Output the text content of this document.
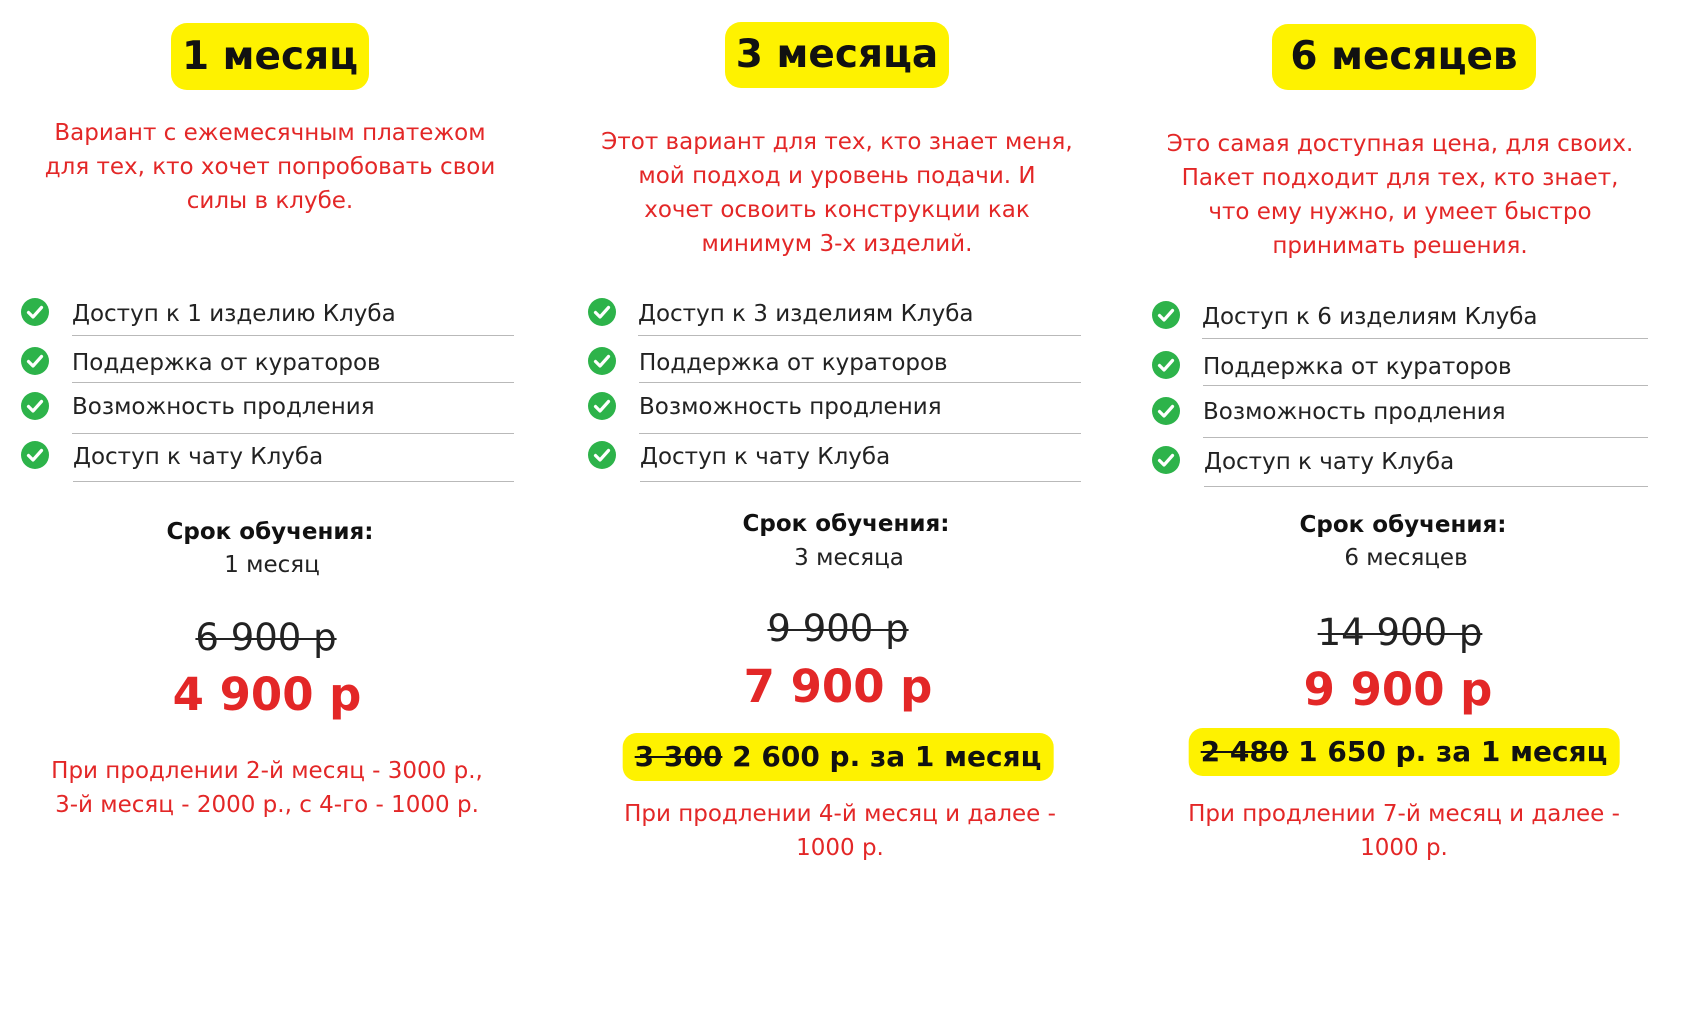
1 месяц
Вариант с ежемесячным платежом
для тех, кто хочет попробовать свои
силы в клубе.
Доступ к 1 изделию Клуба
Поддержка от кураторов
Возможность продления
Доступ к чату Клуба
Срок обучения:
1 месяц
6 900 р
4 900 р
При продлении 2-й месяц - 3000 р.,
3-й месяц - 2000 р., с 4-го - 1000 р.
3 месяца
Этот вариант для тех, кто знает меня,
мой подход и уровень подачи. И
хочет освоить конструкции как
минимум 3-х изделий.
Доступ к 3 изделиям Клуба
Поддержка от кураторов
Возможность продления
Доступ к чату Клуба
Срок обучения:
3 месяца
9 900 р
7 900 р
3 300 2 600 р. за 1 месяц
При продлении 4-й месяц и далее -
1000 р.
6 месяцев
Это самая доступная цена, для своих.
Пакет подходит для тех, кто знает,
что ему нужно, и умеет быстро
принимать решения.
Доступ к 6 изделиям Клуба
Поддержка от кураторов
Возможность продления
Доступ к чату Клуба
Срок обучения:
6 месяцев
14 900 р
9 900 р
2 480 1 650 р. за 1 месяц
При продлении 7-й месяц и далее -
1000 р.
